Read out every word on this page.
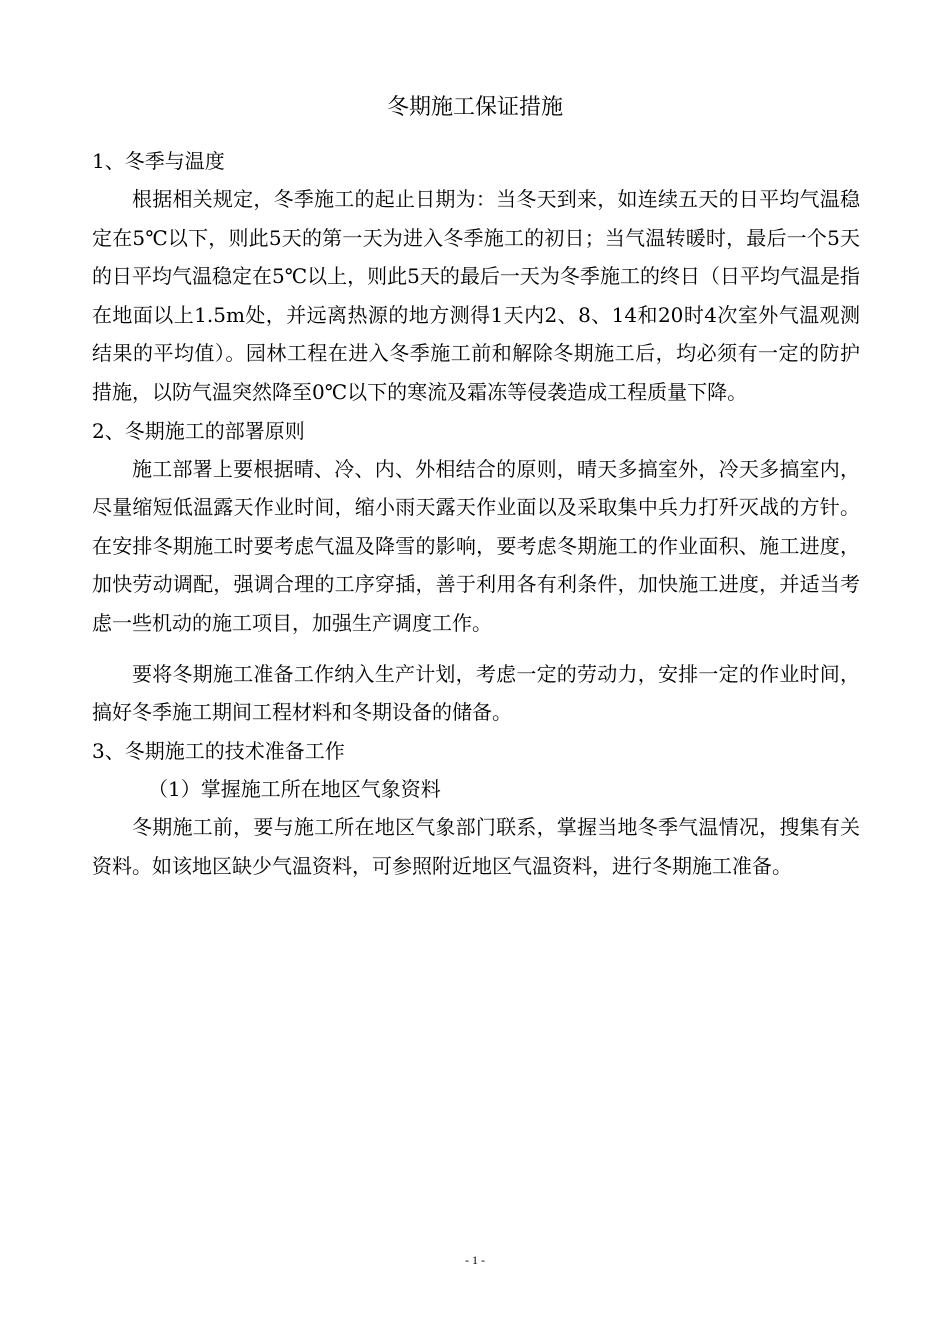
冬期施工保证措施
1、冬季与温度

根据相关规定，冬季施工的起止日期为：当冬天到来，如连续五天的日平均气温稳定在5℃以下，则此5天的第一天为进入冬季施工的初日；当气温转暖时，最后一个5天的日平均气温稳定在5℃以上，则此5天的最后一天为冬季施工的终日（日平均气温是指在地面以上1.5m处，并远离热源的地方测得1天内2、8、14和20时4次室外气温观测结果的平均值）。园林工程在进入冬季施工前和解除冬期施工后，均必须有一定的防护措施，以防气温突然降至0℃以下的寒流及霜冻等侵袭造成工程质量下降。

2、冬期施工的部署原则

施工部署上要根据晴、冷、内、外相结合的原则，晴天多搞室外，冷天多搞室内，尽量缩短低温露天作业时间，缩小雨天露天作业面以及采取集中兵力打歼灭战的方针。在安排冬期施工时要考虑气温及降雪的影响，要考虑冬期施工的作业面积、施工进度，加快劳动调配，强调合理的工序穿插，善于利用各有利条件，加快施工进度，并适当考虑一些机动的施工项目，加强生产调度工作。

要将冬期施工准备工作纳入生产计划，考虑一定的劳动力，安排一定的作业时间，搞好冬季施工期间工程材料和冬期设备的储备。

3、冬期施工的技术准备工作
（1）掌握施工所在地区气象资料

冬期施工前，要与施工所在地区气象部门联系，掌握当地冬季气温情况，搜集有关资料。如该地区缺少气温资料，可参照附近地区气温资料，进行冬期施工准备。

- 1 -
